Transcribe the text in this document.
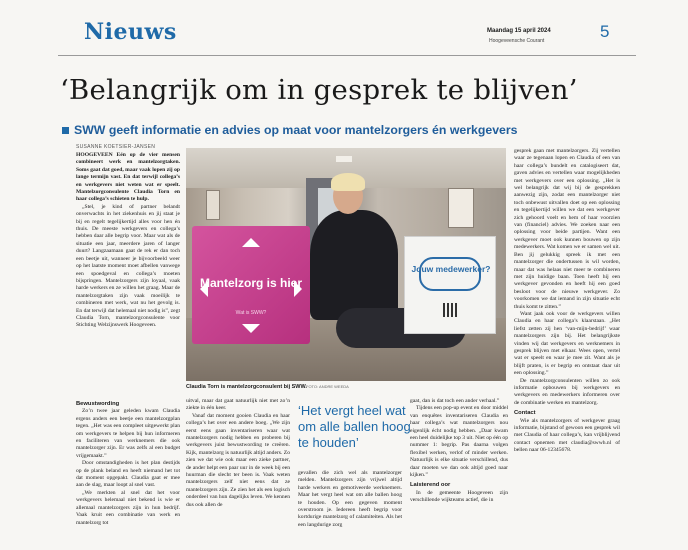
Nieuws	Maandag 15 april 2024
Hoogeveensche Courant	5
‘Belangrijk om in gesprek te blijven’
SWW geeft informatie en advies op maat voor mantelzorgers én werkgevers
SUSANNE KOETSIER-JANSEN

HOOGEVEEN Eén op de vier mensen combineert werk en mantelzorgtaken. Soms gaat dat goed, maar vaak lopen zij op lange termijn vast. En dat terwijl collega’s en werkgevers niet weten wat er speelt. Mantelzorgconsulente Claudia Torn en haar collega’s schieten te hulp.

„Stel, je kind of partner belandt onverwachts in het ziekenhuis en jij staat je bij en regelt tegelijkertijd alles voor hen én thuis. De meeste werkgevers en collega’s hebben daar alle begrip voor. Maar wat als de situatie een jaar, meerdere jaren of langer duurt? Langzaamaan gaat de rek er dan toch een beetje uit, wanneer je bijvoorbeeld weer op het laatste moment moet afbellen vanwege een spoedgeval en collega’s moeten bijspringen. Mantelzorgers zijn loyaal, vaak harde werkers en ze willen het graag. Maar de mantelzorgtaken zijn vaak moeilijk te combineren met werk, wat nu het gevolg is. En dat terwijl dat helemaal niet nodig is”, zegt Claudia Torn, mantelzorgconsulente voor Stichting Welzijnswerk Hoogeveen.

Bewustwording

Zo’n twee jaar geleden kwam Claudia ergens anders een beetje een mantelzorgplan tegen. „Het was een compleet uitgewerkt plan om werkgevers te helpen bij hun informeren en faciliteren van werknemers die ook mantelzorger zijn. Er was zelfs al een budget vrijgemaakt.”

Door omstandigheden is het plan destijds op de plank beland en heeft niemand het tot dat moment opgepakt. Claudia gaat er mee aan de slag, maar loopt al snel vast.

„We merkten al snel dat het voor werkgevers helemaal niet bekend is wie er allemaal mantelzorgers zijn in hun bedrijf. Vaak kruit een combinatie van werk en mantelzorg tot

uitval, maar dat gaat natuurlijk niet met zo’n ziekte in één keer.

Vanaf dat moment gooien Claudia en haar collega’s het over een andere boeg. „We zijn eerst eens gaan inventariseren waar wat mantelzorgers nodig hebben en proberen bij werkgevers juist bewustwording te creëren. Kijk, mantelzorg is natuurlijk altijd anders. Zo zien we dat wie ook maar een zieke partner, de ander helpt een paar uur in de week bij een huurman die slecht ter been is. Vaak weten mantelzorgers zelf niet eens dat ze mantelzorgers zijn. Ze zien het als een logisch onderdeel van hun dagelijks leven. We kennen dus ook allen de

gevallen die zich wel als mantelzorger melden. Mantelzorgers zijn vrijwel altijd harde werkers en gemotiveerde werknemers. Maar het vergt heel wat om alle ballen hoog te houden. Op een gegeven moment overstroom je. Iedereen heeft begrip voor kortdurige mantelzorg of calamiteiten. Als het een langdurige zorg

gaat, dan is dat toch een ander verhaal.”

Tijdens een pop-up event en door middel van enquêtes inventariseren Claudia en haar collega’s wat mantelzorgers nou eigenlijk écht nodig hebben. „Daar kwam een heel duidelijke top 3 uit. Niet op één op nummer 1: begrip. Pas daarna volgen flexibel werken, verlof of minder werken. Natuurlijk is elke situatie verschillend, dus daar moeten we dan ook altijd goed naar kijken.”

Laisterend oor

In de gemeente Hoogeveen zijn verschillende wijkteams actief, die in

gesprek gaan met mantelzorgers. Zij vertellen waar ze tegenaan lopen en Claudia of een van haar collega’s bundelt en catalogiseert dat, gaven advies en vertellen waar mogelijkheden met werkgevers over een oplossing. „Het is wel belangrijk dat wij bij de gesprekken aanwezig zijn, zodat een mantelzorger niet toch onbewust uitvallen doet op een oplossing en tegelijkertijd willen we dat een werkgever zich gehoord voelt en hem of haar voorzien van (financiel) advies. We zoeken naar een oplossing voor beide partijen. Want een werkgever moet ook kunnen bouwen op zijn medewerkers. Wat komen we er samen wel uit. Ben jij gelukkig spreek ik met een mantelzorger die ondertussen is wil worden, maar dat was helaas niet meer te combineren met zijn huidige baan. Toen heeft hij een werkgever gevonden en heeft hij een goed besloot voor de nieuwe werkgever. Zo voorkomen we dat iemand in zijn situatie echt thuis komt te zitten.”

Want jaak ook voor de werkgevers willen Claudia en haar collega’s klaarstaan. „Het liefst zetten zij hen ‘van-mijn-bedrijf’ waar mantelzorgers zijn bij. Het belangrijkste vinden wij dat werkgevers en werknemers in gesprek blijven met elkaar. Wees open, vertel wat er speelt en waar je mee zit. Want als je blijft praten, is er begrip en ontstaat daar uit een oplossing.”

De mantelzorgconsulenten willen zo ook informatie opbouwen bij werkgevers en werkgevers en medewerkers informeren over de combinatie werken en mantelzorg.

Contact

Wie als mantelzorgers of werkgever graag informatie, bijstand of gewoon een gesprek wil met Claudia of haar collega’s, kan vrijblijvend contact opnemen met claudia@swwh.nl of bellen naar 06-12345678.

Mantelzorg is hier
Wat is SWW?
Jouw medewerker?
Claudia Torn is mantelzorgconsulent bij SWW. FOTO: ANDRE WEEDA
‘Het vergt heel wat om alle ballen hoog te houden’
